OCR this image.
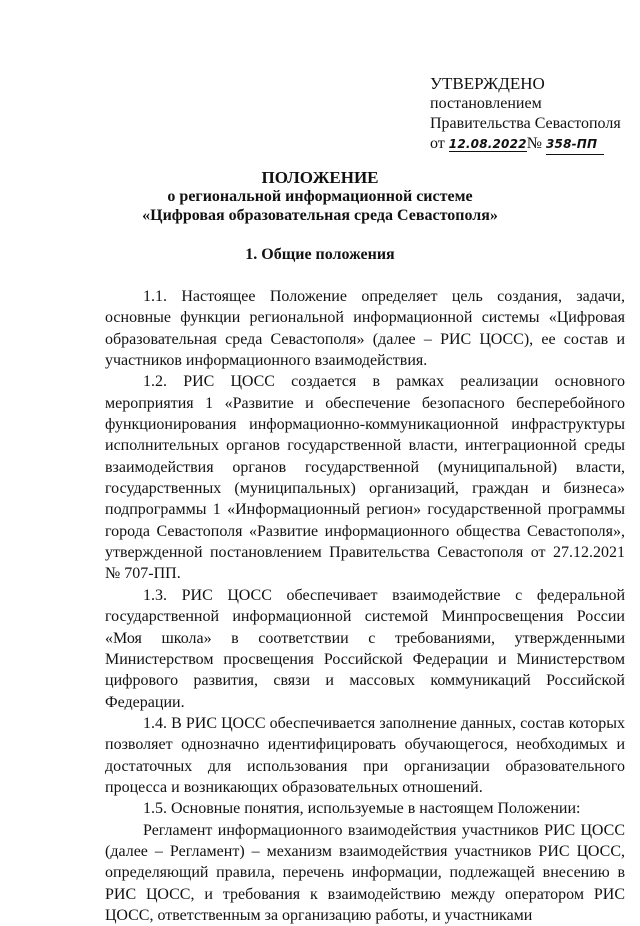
УТВЕРЖДЕНО
постановлением
Правительства Севастополя
от 12.08.2022№ 358-ПП
ПОЛОЖЕНИЕ
о региональной информационной системе
«Цифровая образовательная среда Севастополя»
1. Общие положения

1.1. Настоящее Положение определяет цель создания, задачи, основные функции региональной информационной системы «Цифровая образовательная среда Севастополя» (далее – РИС ЦОСС), ее состав и участников информационного взаимодействия.

1.2. РИС ЦОСС создается в рамках реализации основного мероприятия 1 «Развитие и обеспечение безопасного бесперебойного функционирования информационно-коммуникационной инфраструктуры исполнительных органов государственной власти, интеграционной среды взаимодействия органов государственной (муниципальной) власти, государственных (муниципальных) организаций, граждан и бизнеса» подпрограммы 1 «Информационный регион» государственной программы города Севастополя «Развитие информационного общества Севастополя», утвержденной постановлением Правительства Севастополя от 27.12.2021 № 707-ПП.

1.3. РИС ЦОСС обеспечивает взаимодействие с федеральной государственной информационной системой Минпросвещения России «Моя школа» в соответствии с требованиями, утвержденными Министерством просвещения Российской Федерации и Министерством цифрового развития, связи и массовых коммуникаций Российской Федерации.

1.4. В РИС ЦОСС обеспечивается заполнение данных, состав которых позволяет однозначно идентифицировать обучающегося, необходимых и достаточных для использования при организации образовательного процесса и возникающих образовательных отношений.

1.5. Основные понятия, используемые в настоящем Положении:

Регламент информационного взаимодействия участников РИС ЦОСС (далее – Регламент) – механизм взаимодействия участников РИС ЦОСС, определяющий правила, перечень информации, подлежащей внесению в РИС ЦОСС, и требования к взаимодействию между оператором РИС ЦОСС, ответственным за организацию работы, и участниками
